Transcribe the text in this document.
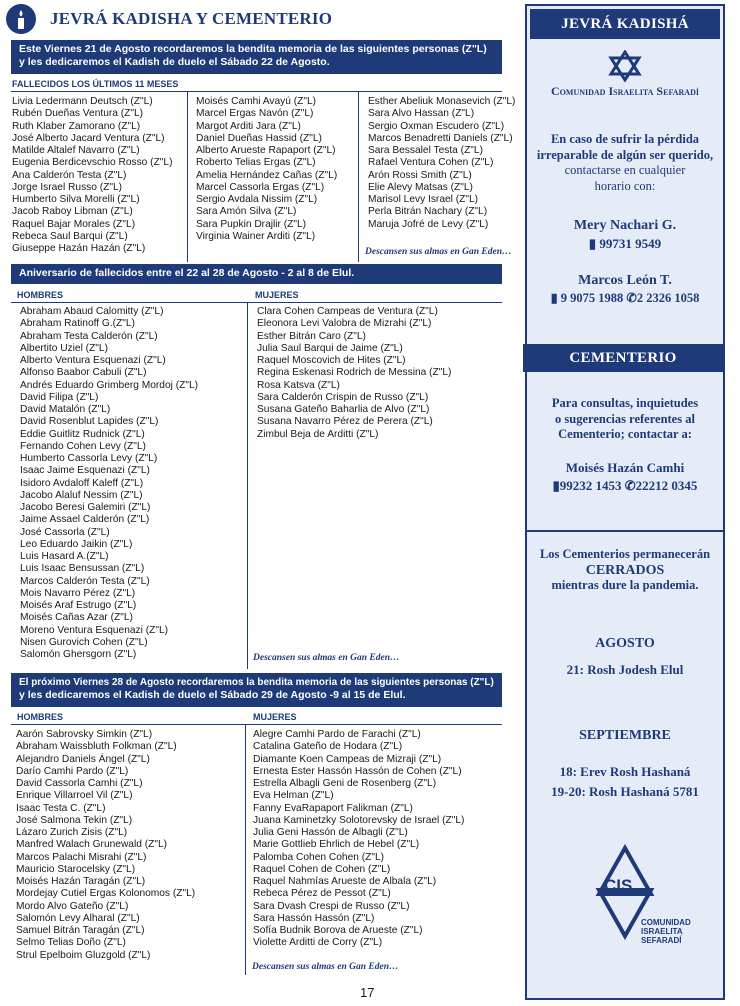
JEVRÁ KADISHA Y CEMENTERIO
Este Viernes 21 de Agosto recordaremos la bendita memoria de las siguientes personas (Z"L)
y les dedicaremos el Kadish de duelo el Sábado 22 de Agosto.
FALLECIDOS LOS ÚLTIMOS 11 MESES
Livia Ledermann Deutsch (Z"L)
Rubén Dueñas Ventura (Z"L)
Ruth Klaber Zamorano (Z"L)
José Alberto Jacard Ventura (Z"L)
Matilde Altalef Navarro (Z"L)
Eugenia Berdicevschio Rosso (Z"L)
Ana Calderón Testa (Z"L)
Jorge Israel Russo (Z"L)
Humberto Silva Morelli (Z"L)
Jacob Raboy Libman (Z"L)
Raquel Bajar Morales (Z"L)
Rebeca Saul Barqui (Z"L)
Giuseppe Hazán Hazán (Z"L)
Moisés Camhi Avayú (Z"L)
Marcel Ergas Navón (Z"L)
Margot Arditi Jara (Z"L)
Daniel Dueñas Hassid (Z"L)
Alberto Arueste Rapaport (Z"L)
Roberto Telias Ergas (Z"L)
Amelia Hernández Cañas (Z"L)
Marcel Cassorla Ergas (Z"L)
Sergio Avdala Nissim (Z"L)
Sara Amón Silva (Z"L)
Sara Pupkin Drajlir (Z"L)
Virginia Wainer Arditi (Z"L)
Esther Abeliuk Monasevich (Z"L)
Sara Alvo Hassan (Z"L)
Sergio Oxman Escudero (Z"L)
Marcos Benadretti Daniels (Z"L)
Sara Bessalel Testa (Z"L)
Rafael Ventura Cohen (Z"L)
Arón Rossi Smith (Z"L)
Elie Alevy Matsas (Z"L)
Marisol Levy Israel (Z"L)
Perla Bitrán Nachary (Z"L)
Maruja Jofré de Levy (Z"L)
Descansen sus almas en Gan Eden…
Aniversario de fallecidos entre el 22 al 28 de Agosto - 2 al 8 de Elul.
HOMBRES	MUJERES
Abraham Abaud Calomitty (Z"L)
Abraham Ratinoff G.(Z"L)
Abraham Testa Calderón (Z"L)
Albertito Uziel (Z"L)
Alberto Ventura Esquenazi (Z"L)
Alfonso Baabor Cabuli (Z"L)
Andrés Eduardo Grimberg Mordoj (Z"L)
David Filipa (Z"L)
David Matalón (Z"L)
David Rosenblut Lapides (Z"L)
Eddie Guitlitz Rudnick (Z"L)
Fernando Cohen Levy (Z"L)
Humberto Cassorla Levy (Z"L)
Isaac Jaime Esquenazi (Z"L)
Isidoro Avdaloff Kaleff (Z"L)
Jacobo Alaluf Nessim (Z"L)
Jacobo Beresi Galemiri (Z"L)
Jaime Assael Calderón (Z"L)
José Cassorla (Z"L)
Leo Eduardo Jaikin (Z"L)
Luis Hasard A.(Z"L)
Luis Isaac Bensussan (Z"L)
Marcos Calderón Testa (Z"L)
Mois Navarro Pérez (Z"L)
Moisés Araf Estrugo (Z"L)
Moisés Cañas Azar (Z"L)
Moreno Ventura Esquenazi (Z"L)
Nisen Gurovich Cohen (Z"L)
Salomón Ghersgorn (Z"L)
Clara Cohen Campeas de Ventura (Z"L)
Eleonora Levi Valobra de Mizrahi (Z"L)
Esther Bitrán Caro (Z"L)
Julia Saul Barqui de Jaime (Z"L)
Raquel Moscovich de Hites (Z"L)
Regina Eskenasi Rodrich de Messina (Z"L)
Rosa Katsva (Z"L)
Sara Calderón Crispin de Russo (Z"L)
Susana Gateño Baharlia de Alvo (Z"L)
Susana Navarro Pérez de Perera (Z"L)
Zimbul Beja de Arditti (Z"L)
Descansen sus almas en Gan Eden…
El próximo Viernes 28 de Agosto recordaremos la bendita memoria de las siguientes personas (Z"L)
y les dedicaremos el Kadish de duelo el Sábado 29 de Agosto -9 al 15 de Elul.
HOMBRES	MUJERES
Aarón Sabrovsky Simkin (Z"L)
Abraham Waissbluth Folkman (Z"L)
Alejandro Daniels Ángel (Z"L)
Darío Camhi Pardo (Z"L)
David Cassorla Camhi (Z"L)
Enrique Villarroel Vil (Z"L)
Isaac Testa C. (Z"L)
José Salmona Tekin (Z"L)
Lázaro Zurich Zisis (Z"L)
Manfred Walach Grunewald (Z"L)
Marcos Palachi Misrahi (Z"L)
Mauricio Starocelsky (Z"L)
Moisés Hazán Taragán (Z"L)
Mordejay Cutiel Ergas Kolonomos (Z"L)
Mordo Alvo Gateño (Z"L)
Salomón Levy Alharal (Z"L)
Samuel Bitrán Taragán (Z"L)
Selmo Telias Doño (Z"L)
Strul Epelboim Gluzgold (Z"L)
Alegre Camhi Pardo de Farachi (Z"L)
Catalina Gateño de Hodara (Z"L)
Diamante Koen Campeas de Mizraji (Z"L)
Ernesta Ester Hassón Hassón de Cohen (Z"L)
Estrella Albagli Geni de Rosenberg (Z"L)
Eva Helman (Z"L)
Fanny EvaRapaport Falikman (Z"L)
Juana Kaminetzky Solotorevsky de Israel (Z"L)
Julia Geni Hassón de Albagli (Z"L)
Marie Gottlieb Ehrlich de Hebel (Z"L)
Palomba Cohen Cohen (Z"L)
Raquel Cohen de Cohen (Z"L)
Raquel Nahmías Arueste de Albala (Z"L)
Rebeca Pérez de Pessot (Z"L)
Sara Dvash Crespi de Russo (Z"L)
Sara Hassón Hassón (Z"L)
Sofía Budnik Borova de Arueste (Z"L)
Violette Arditti de Corry (Z"L)
Descansen sus almas en Gan Eden…
JEVRÁ KADISHÁ
Comunidad Israelita Sefaradí
En caso de sufrir la pérdida
irreparable de algún ser querido,
contactarse en cualquier
horario con:
Mery Nachari G.
▮ 99731 9549
Marcos León T.
▮ 9 9075 1988 ✆2 2326 1058
CEMENTERIO
Para consultas, inquietudes
o sugerencias referentes al
Cementerio; contactar a:
Moisés Hazán Camhi
▮99232 1453 ✆22212 0345
Los Cementerios permanecerán
CERRADOS
mientras dure la pandemia.
AGOSTO
21: Rosh Jodesh Elul
SEPTIEMBRE
18: Erev Rosh Hashaná
19-20: Rosh Hashaná 5781
CIS
COMUNIDAD
ISRAELITA
SEFARADÍ
17
